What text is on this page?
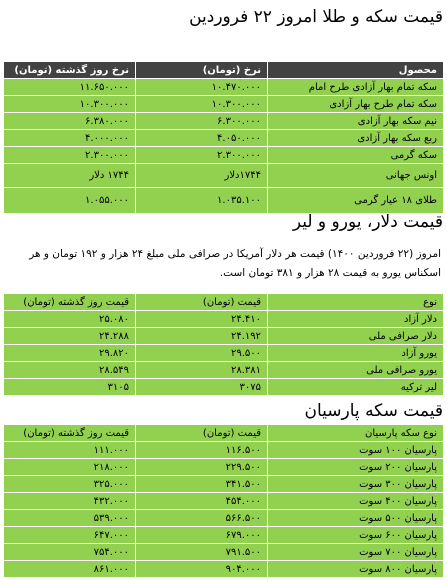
قیمت سکه و طلا امروز ۲۲ فروردین
محصول	نرخ (تومان)	نرخ روز گذشته (تومان)
سکه تمام بهار آزادی طرح امام	۱۰.۴۷۰.۰۰۰	۱۱.۶۵۰.۰۰۰
سکه تمام طرح بهار آزادی	۱۰.۳۰۰.۰۰۰	۱۰.۳۰۰.۰۰۰
نیم سکه بهار آزادی	۶.۳۰۰.۰۰۰	۶.۳۸۰.۰۰۰
ربع سکه بهار آزادی	۴.۰۵۰.۰۰۰	۴.۰۰۰.۰۰۰
سکه گرمی	۲.۳۰۰.۰۰۰	۲.۳۰۰.۰۰۰
اونس جهانی	۱۷۴۴دلار	۱۷۴۴ دلار
طلای ۱۸ عیار گرمی	۱.۰۳۵.۱۰۰	۱.۰۵۵.۰۰۰
قیمت دلار، یورو و لیر

امروز (۲۲ فروردین ۱۴۰۰) قیمت هر دلار آمریکا در صرافی ملی مبلغ ۲۴ هزار و ۱۹۲ تومان و هر اسکناس یورو به قیمت ۲۸ هزار و ۳۸۱ تومان است.

نوع	قیمت (تومان)	قیمت روز گذشته (تومان)
دلار آزاد	۲۴.۴۱۰	۲۵.۰۸۰
دلار صرافی ملی	۲۴.۱۹۲	۲۴.۲۸۸
یورو آزاد	۲۹.۵۰۰	۲۹.۸۲۰
یورو صرافی ملی	۲۸.۳۸۱	۲۸.۵۴۹
لیر ترکیه	۳۰۷۵	۳۱۰۵
قیمت سکه پارسیان
نوع سکه پارسیان	قیمت (تومان)	قیمت روز گذشته (تومان)
پارسیان ۱۰۰ سوت	۱۱۶.۵۰۰	۱۱۱.۰۰۰
پارسیان ۲۰۰ سوت	۲۲۹.۵۰۰	۲۱۸.۰۰۰
پارسیان ۳۰۰ سوت	۳۴۱.۵۰۰	۳۲۵.۰۰۰
پارسیان ۴۰۰ سوت	۴۵۴.۰۰۰	۴۳۲.۰۰۰
پارسیان ۵۰۰ سوت	۵۶۶.۵۰۰	۵۳۹.۰۰۰
پارسیان ۶۰۰ سوت	۶۷۹.۰۰۰	۶۴۷.۰۰۰
پارسیان ۷۰۰ سوت	۷۹۱.۵۰۰	۷۵۴.۰۰۰
پارسیان ۸۰۰ سوت	۹۰۴.۰۰۰	۸۶۱.۰۰۰
